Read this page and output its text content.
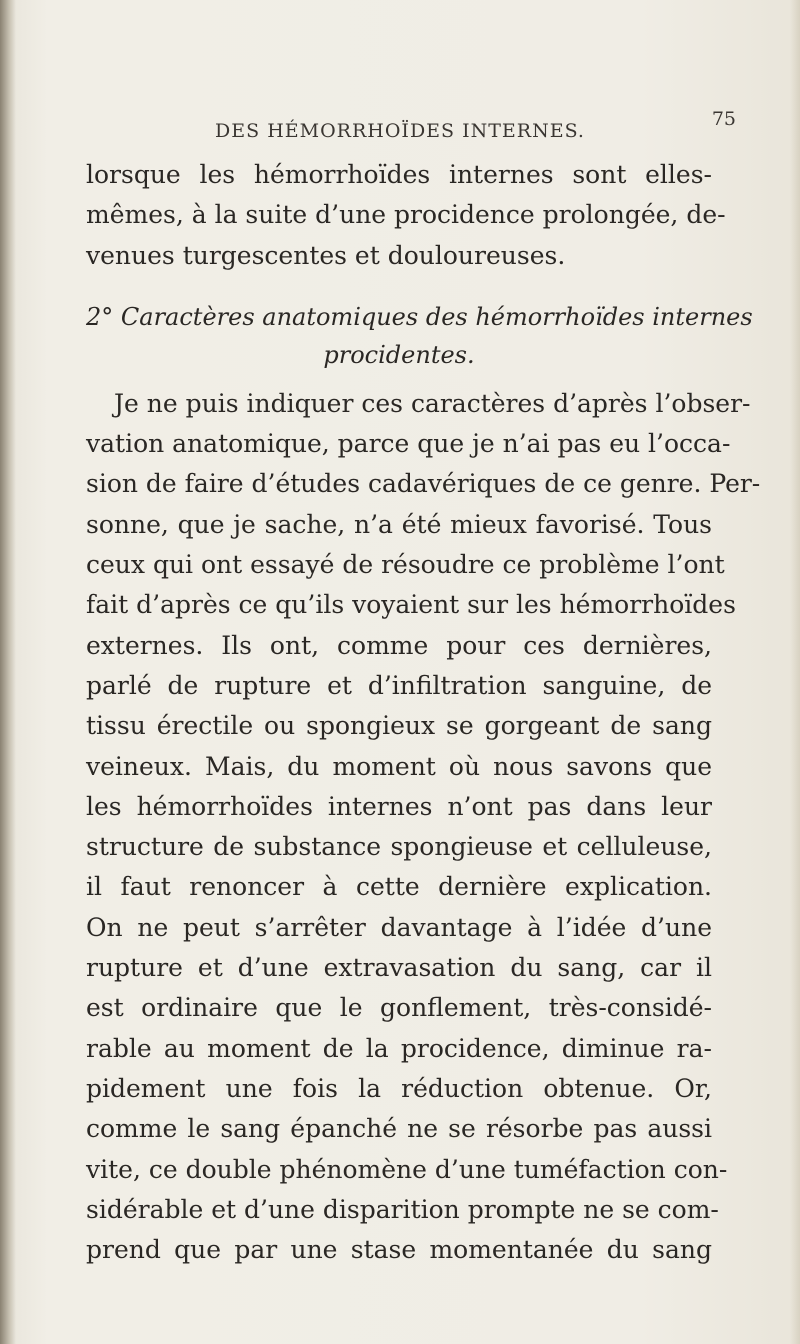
DES HÉMORRHOÏDES INTERNES.
75
lorsque les hémorrhoïdes internes sont elles-
mêmes, à la suite d’une procidence prolongée, de-
venues turgescentes et douloureuses.
2° Caractères anatomiques des hémorrhoïdes internes
procidentes.
Je ne puis indiquer ces caractères d’après l’obser-
vation anatomique, parce que je n’ai pas eu l’occa-
sion de faire d’études cadavériques de ce genre. Per-
sonne, que je sache, n’a été mieux favorisé. Tous
ceux qui ont essayé de résoudre ce problème l’ont
fait d’après ce qu’ils voyaient sur les hémorrhoïdes
externes. Ils ont, comme pour ces dernières,
parlé de rupture et d’infiltration sanguine, de
tissu érectile ou spongieux se gorgeant de sang
veineux. Mais, du moment où nous savons que
les hémorrhoïdes internes n’ont pas dans leur
structure de substance spongieuse et celluleuse,
il faut renoncer à cette dernière explication.
On ne peut s’arrêter davantage à l’idée d’une
rupture et d’une extravasation du sang, car il
est ordinaire que le gonflement, très-considé-
rable au moment de la procidence, diminue ra-
pidement une fois la réduction obtenue. Or,
comme le sang épanché ne se résorbe pas aussi
vite, ce double phénomène d’une tuméfaction con-
sidérable et d’une disparition prompte ne se com-
prend que par une stase momentanée du sang
